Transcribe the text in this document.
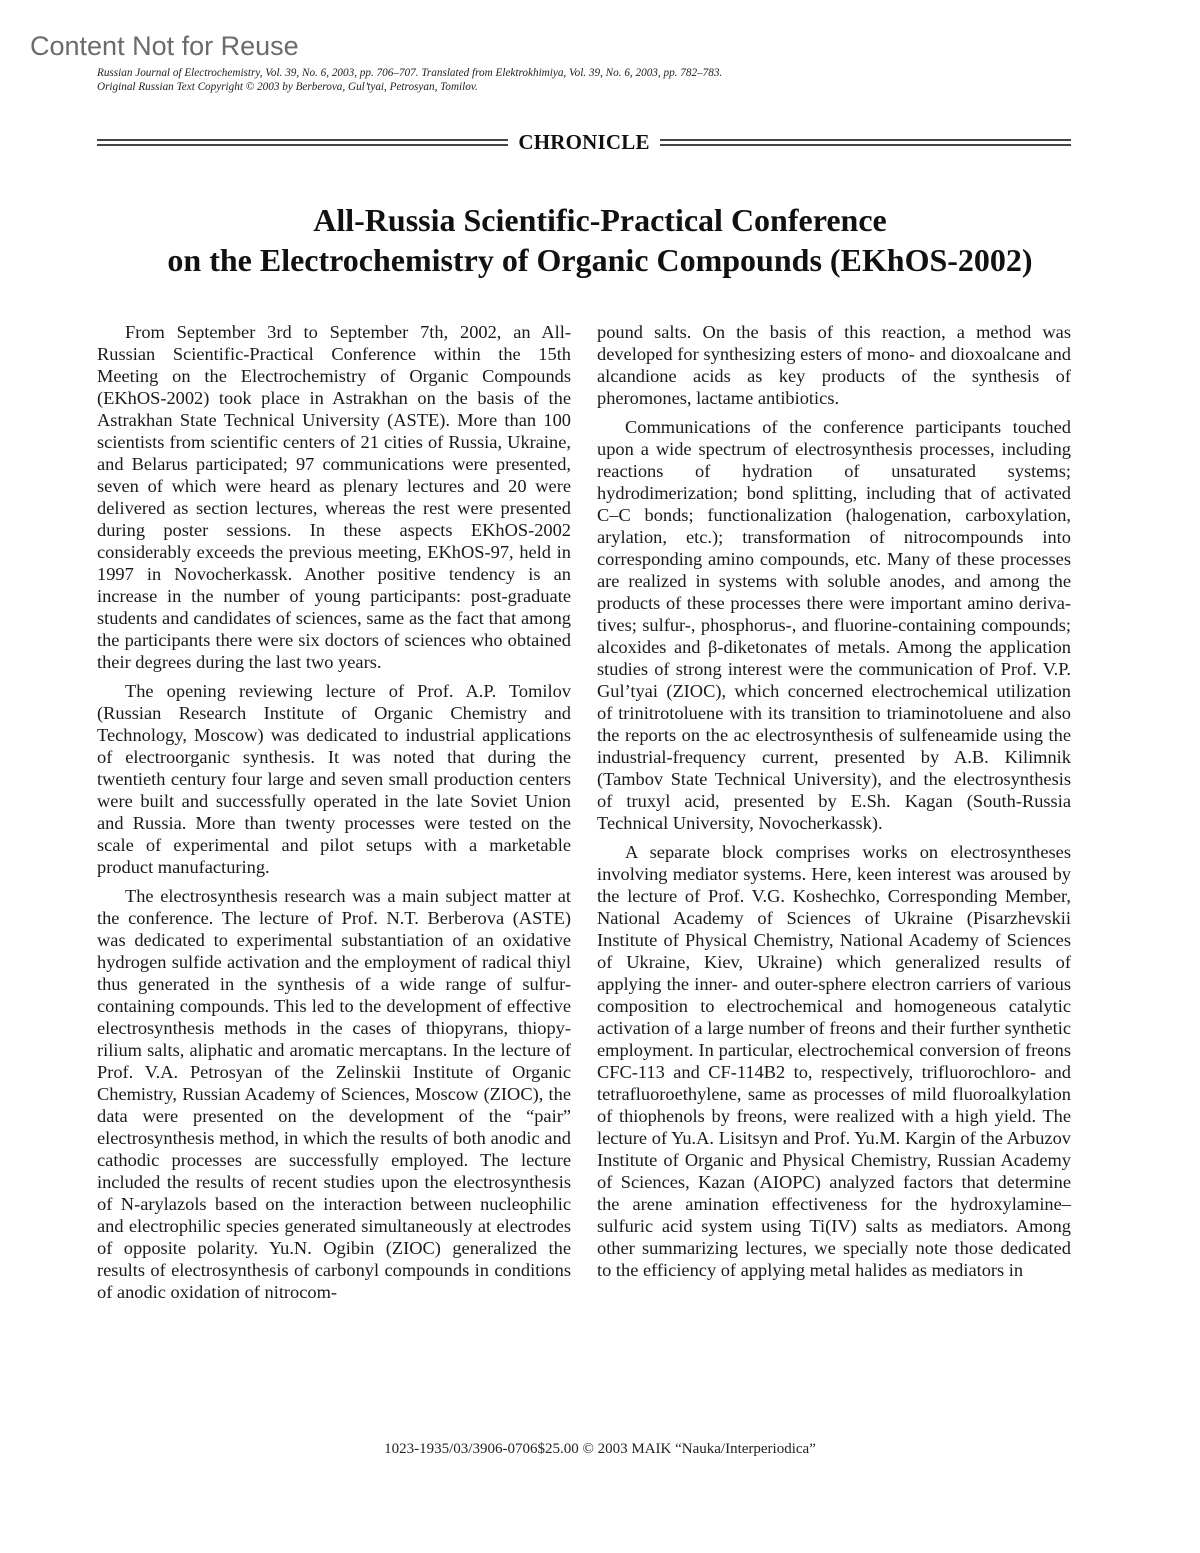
Content Not for Reuse
Russian Journal of Electrochemistry, Vol. 39, No. 6, 2003, pp. 706–707. Translated from Elektrokhimiya, Vol. 39, No. 6, 2003, pp. 782–783.
Original Russian Text Copyright © 2003 by Berberova, Gul’tyai, Petrosyan, Tomilov.
CHRONICLE
All-Russia Scientific-Practical Conference
on the Electrochemistry of Organic Compounds (EKhOS-2002)

From September 3rd to September 7th, 2002, an All-Russian Scientific-Practical Conference within the 15th Meeting on the Electrochemistry of Organic Compounds (EKhOS-2002) took place in Astrakhan on the basis of the Astrakhan State Technical University (ASTE). More than 100 scientists from scientific centers of 21 cities of Russia, Ukraine, and Belarus participated; 97 communications were presented, seven of which were heard as plenary lectures and 20 were delivered as section lectures, whereas the rest were presented during poster sessions. In these aspects EKhOS-2002 considerably exceeds the previous meeting, EKhOS-97, held in 1997 in Novocherkassk. Another positive tendency is an increase in the number of young participants: post-graduate students and candidates of sciences, same as the fact that among the participants there were six doctors of sciences who obtained their degrees during the last two years.

The opening reviewing lecture of Prof. A.P. Tomilov (Russian Research Institute of Organic Chemistry and Technology, Moscow) was dedicated to industrial applications of electroorganic synthesis. It was noted that during the twentieth century four large and seven small production centers were built and successfully operated in the late Soviet Union and Russia. More than twenty processes were tested on the scale of experimental and pilot setups with a marketable product manufacturing.

The electrosynthesis research was a main subject matter at the conference. The lecture of Prof. N.T. Berberova (ASTE) was dedicated to experimental substantiation of an oxidative hydrogen sulfide activation and the employment of radical thiyl thus generated in the synthesis of a wide range of sulfur-containing compounds. This led to the development of effective electrosynthesis methods in the cases of thiopyrans, thiopyrilium salts, aliphatic and aromatic mercaptans. In the lecture of Prof. V.A. Petrosyan of the Zelinskii Institute of Organic Chemistry, Russian Academy of Sciences, Moscow (ZIOC), the data were presented on the development of the “pair” electrosynthesis method, in which the results of both anodic and cathodic processes are successfully employed. The lecture included the results of recent studies upon the electrosynthesis of N-arylazols based on the interaction between nucleophilic and electrophilic species generated simultaneously at electrodes of opposite polarity. Yu.N. Ogibin (ZIOC) generalized the results of electrosynthesis of carbonyl compounds in conditions of anodic oxidation of nitrocom-

pound salts. On the basis of this reaction, a method was developed for synthesizing esters of mono- and dioxoalcane and alcandione acids as key products of the synthesis of pheromones, lactame antibiotics.

Communications of the conference participants touched upon a wide spectrum of electrosynthesis processes, including reactions of hydration of unsaturated systems; hydrodimerization; bond splitting, including that of activated C–C bonds; functionalization (halogenation, carboxylation, arylation, etc.); transformation of nitrocompounds into corresponding amino compounds, etc. Many of these processes are realized in systems with soluble anodes, and among the products of these processes there were important amino derivatives; sulfur-, phosphorus-, and fluorine-containing compounds; alcoxides and β-diketonates of metals. Among the application studies of strong interest were the communication of Prof. V.P. Gul’tyai (ZIOC), which concerned electrochemical utilization of trinitrotoluene with its transition to triaminotoluene and also the reports on the ac electrosynthesis of sulfeneamide using the industrial-frequency current, presented by A.B. Kilimnik (Tambov State Technical University), and the electrosynthesis of truxyl acid, presented by E.Sh. Kagan (South-Russia Technical University, Novocherkassk).

A separate block comprises works on electrosyntheses involving mediator systems. Here, keen interest was aroused by the lecture of Prof. V.G. Koshechko, Corresponding Member, National Academy of Sciences of Ukraine (Pisarzhevskii Institute of Physical Chemistry, National Academy of Sciences of Ukraine, Kiev, Ukraine) which generalized results of applying the inner- and outer-sphere electron carriers of various composition to electrochemical and homogeneous catalytic activation of a large number of freons and their further synthetic employment. In particular, electrochemical conversion of freons CFC-113 and CF-114B2 to, respectively, trifluorochloro- and tetrafluoroethylene, same as processes of mild fluoroalkylation of thiophenols by freons, were realized with a high yield. The lecture of Yu.A. Lisitsyn and Prof. Yu.M. Kargin of the Arbuzov Institute of Organic and Physical Chemistry, Russian Academy of Sciences, Kazan (AIOPC) analyzed factors that determine the arene amination effectiveness for the hydroxylamine–sulfuric acid system using Ti(IV) salts as mediators. Among other summarizing lectures, we specially note those dedicated to the efficiency of applying metal halides as mediators in

1023-1935/03/3906-0706$25.00 © 2003 MAIK “Nauka/Interperiodica”
